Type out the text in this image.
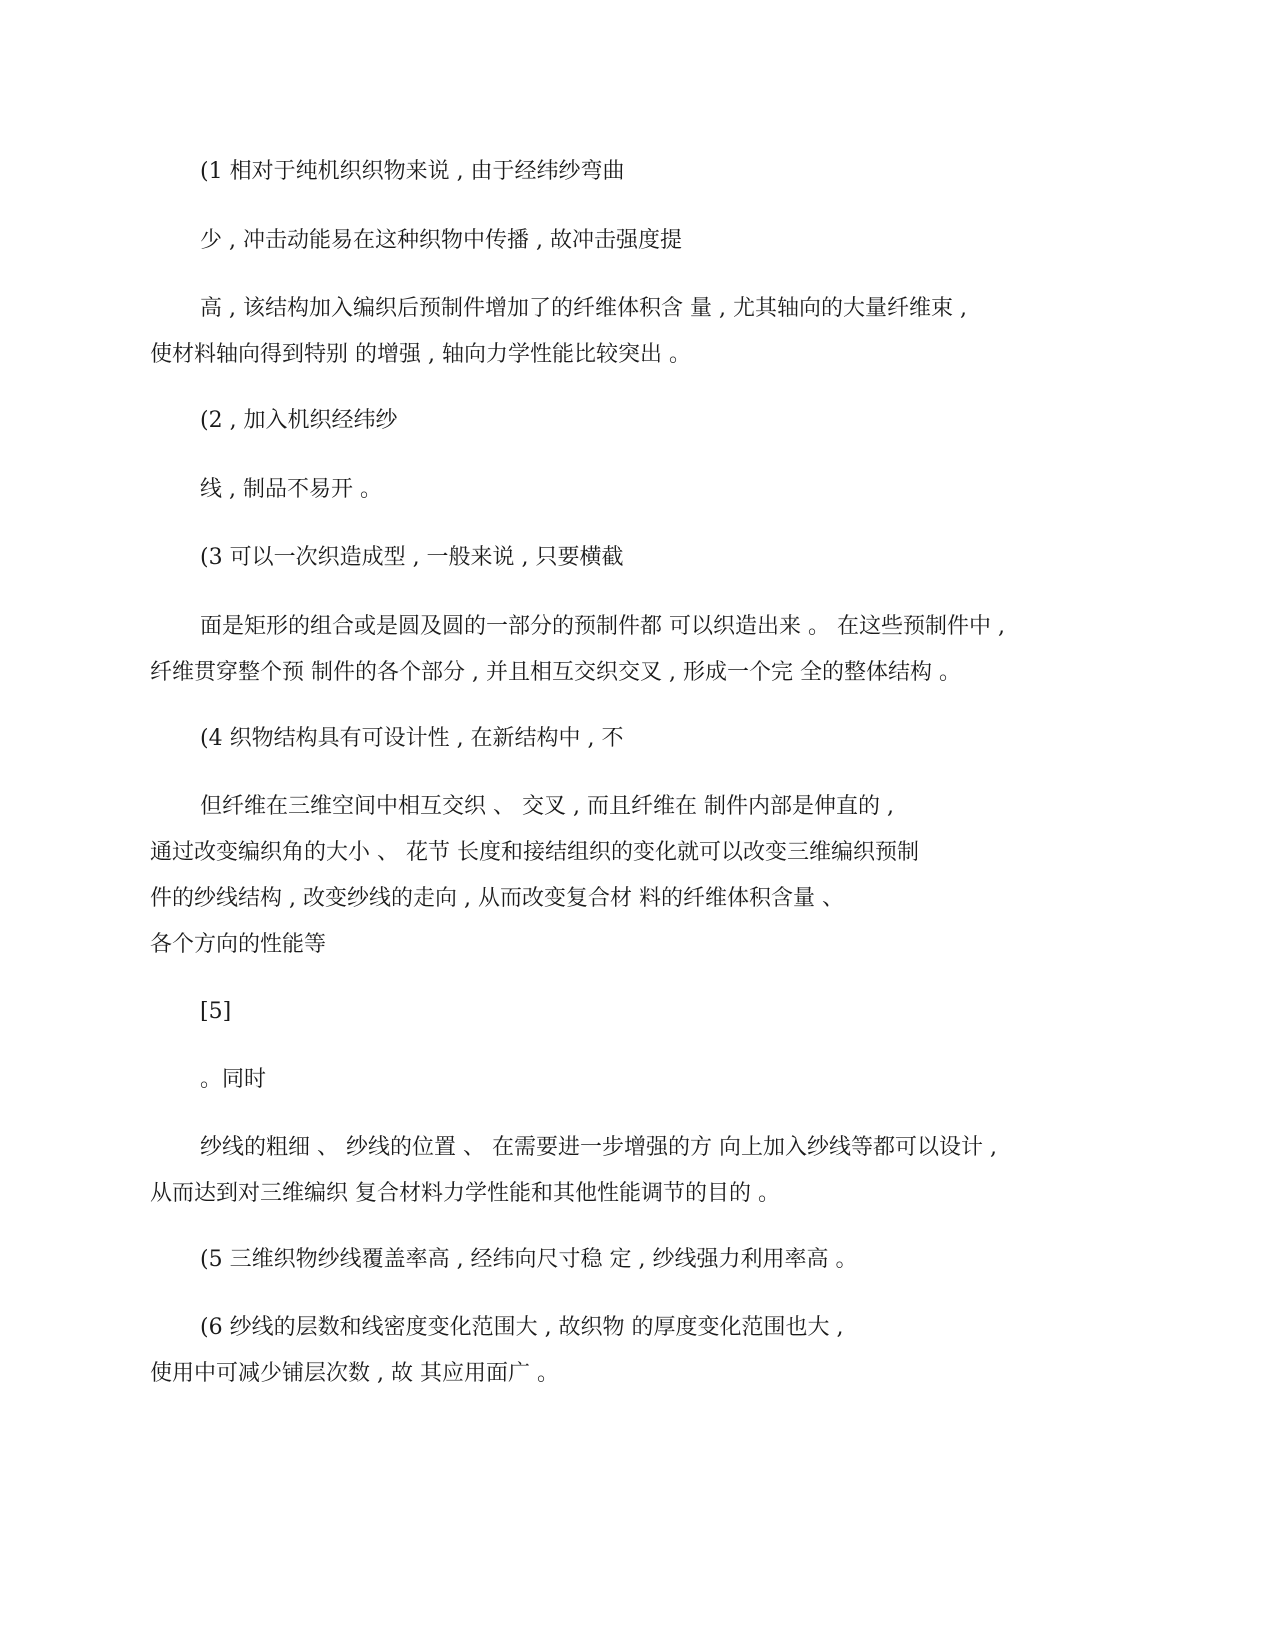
(1 相对于纯机织织物来说 , 由于经纬纱弯曲

少 , 冲击动能易在这种织物中传播 , 故冲击强度提

高 , 该结构加入编织后预制件增加了的纤维体积含 量 , 尤其轴向的大量纤维束 ,
使材料轴向得到特别 的增强 , 轴向力学性能比较突出 。

(2 , 加入机织经纬纱

线 , 制品不易开 。

(3 可以一次织造成型 , 一般来说 , 只要横截

面是矩形的组合或是圆及圆的一部分的预制件都 可以织造出来 。 在这些预制件中 ,
纤维贯穿整个预 制件的各个部分 , 并且相互交织交叉 , 形成一个完 全的整体结构 。

(4 织物结构具有可设计性 , 在新结构中 , 不

但纤维在三维空间中相互交织 、 交叉 , 而且纤维在 制件内部是伸直的 ,
通过改变编织角的大小 、 花节 长度和接结组织的变化就可以改变三维编织预制
件的纱线结构 , 改变纱线的走向 , 从而改变复合材 料的纤维体积含量 、
各个方向的性能等

[5]

。同时

纱线的粗细 、 纱线的位置 、 在需要进一步增强的方 向上加入纱线等都可以设计 ,
从而达到对三维编织 复合材料力学性能和其他性能调节的目的 。

(5 三维织物纱线覆盖率高 , 经纬向尺寸稳 定 , 纱线强力利用率高 。

(6 纱线的层数和线密度变化范围大 , 故织物 的厚度变化范围也大 ,
使用中可减少铺层次数 , 故 其应用面广 。
